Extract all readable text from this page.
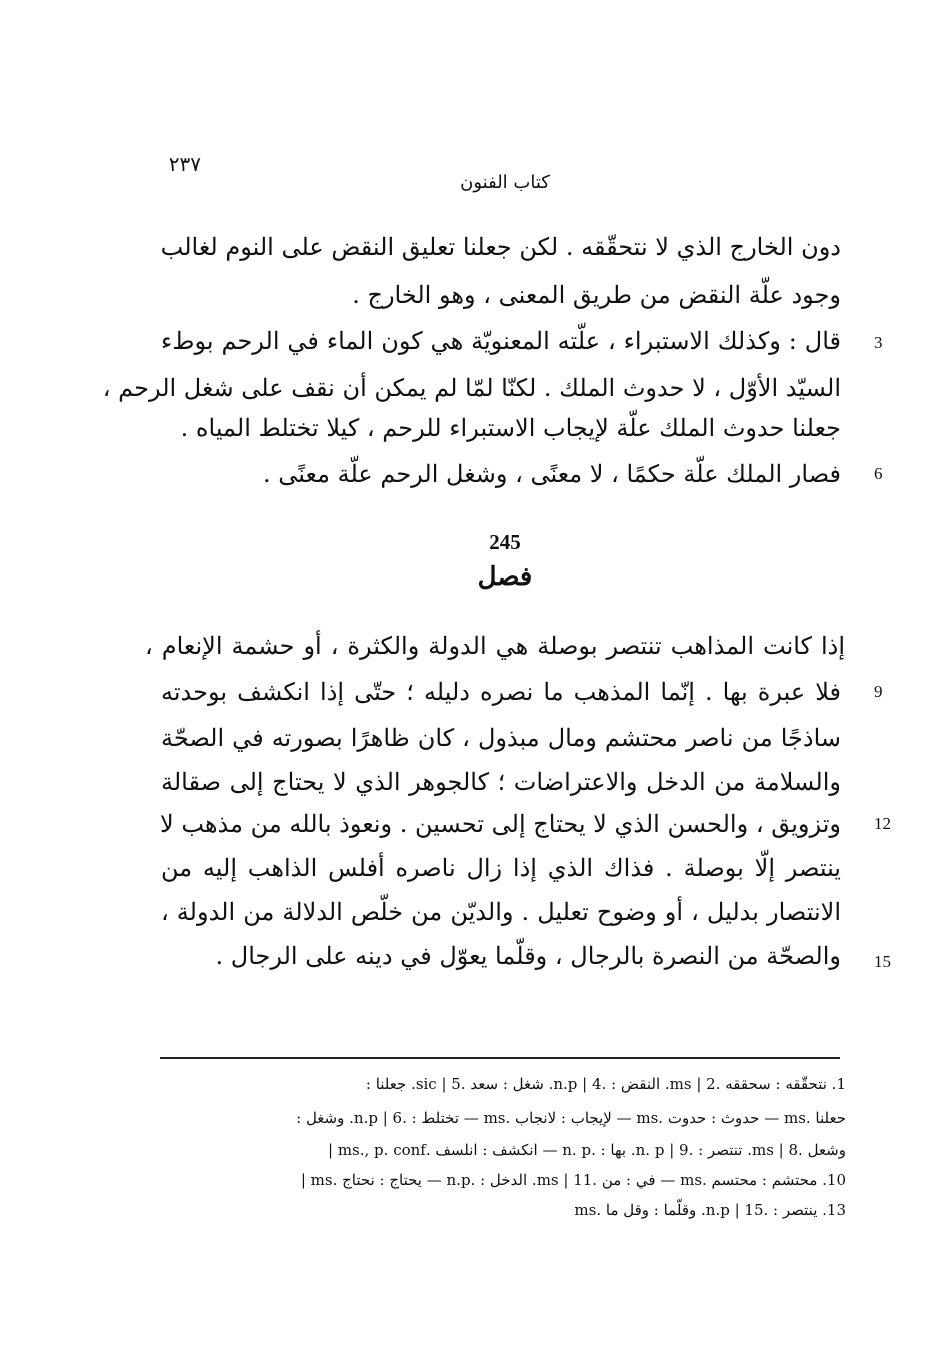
٢٣٧
كتاب الفنون
دون الخارج الذي لا نتحقّقه . لكن جعلنا تعليق النقض على النوم لغالب
وجود علّة النقض من طريق المعنى ، وهو الخارج .
قال : وكذلك الاستبراء ، علّته المعنويّة هي كون الماء في الرحم بوطء
السيّد الأوّل ، لا حدوث الملك . لكنّا لمّا لم يمكن أن نقف على شغل الرحم ،
جعلنا حدوث الملك علّة لإيجاب الاستبراء للرحم ، كيلا تختلط المياه .
فصار الملك علّة حكمًا ، لا معنًى ، وشغل الرحم علّة معنًى .
3
6
245
فصل
إذا كانت المذاهب تنتصر بوصلة هي الدولة والكثرة ، أو حشمة الإنعام ،
فلا عبرة بها . إنّما المذهب ما نصره دليله ؛ حتّى إذا انكشف بوحدته
ساذجًا من ناصر محتشم ومال مبذول ، كان ظاهرًا بصورته في الصحّة
والسلامة من الدخل والاعتراضات ؛ كالجوهر الذي لا يحتاج إلى صقالة
وتزويق ، والحسن الذي لا يحتاج إلى تحسين . ونعوذ بالله من مذهب لا
ينتصر إلّا بوصلة . فذاك الذي إذا زال ناصره أفلس الذاهب إليه من
الانتصار بدليل ، أو وضوح تعليل . والديّن من خلّص الدلالة من الدولة ،
والصحّة من النصرة بالرجال ، وقلّما يعوّل في دينه على الرجال .
9
12
15
1. نتحقّقه : سحققه .ms | 2. النقض : .n.p | 4. شغل : سعد .sic | 5. جعلنا :
حعلنا .ms — حدوث : حدوت .ms — لإيجاب : لانجاب .ms — تختلط : .n.p | 6. وشغل :
وشعل .ms | 8. تنتصر : .n. p | 9. بها : .n. p — انكشف : انلسف .ms., p. conf |
10. محتشم : محتسم .ms — في : من .ms | 11. الدخل : .n.p — يحتاج : نحتاج .ms |
13. ينتصر : .n.p | 15. وقلّما : وقل ما .ms
